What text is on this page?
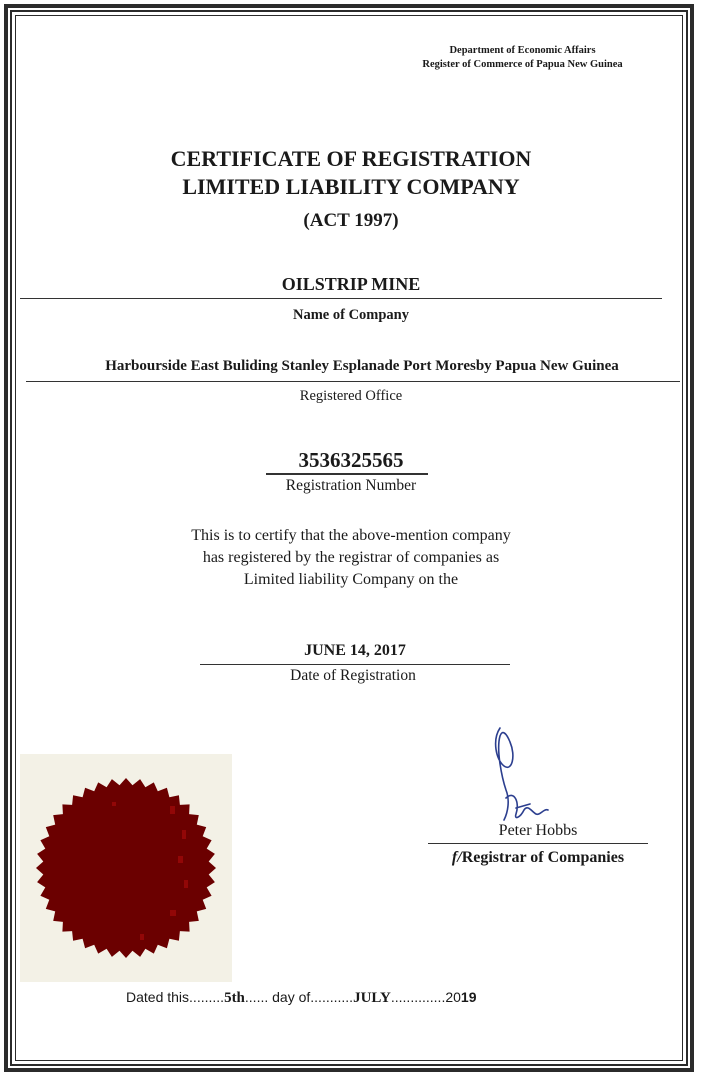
Department of Economic Affairs
Register of Commerce of Papua New Guinea
CERTIFICATE OF REGISTRATION
LIMITED LIABILITY COMPANY
(ACT 1997)
OILSTRIP MINE
Name of Company
Harbourside East Buliding Stanley Esplanade Port Moresby Papua New Guinea
Registered Office
3536325565
Registration Number
This is to certify that the above-mention company
has registered by the registrar of companies as
Limited liability Company on the
JUNE 14, 2017
Date of Registration
Peter Hobbs
f/Registrar of Companies
Dated this.........5th...... day of...........JULY..............2019
